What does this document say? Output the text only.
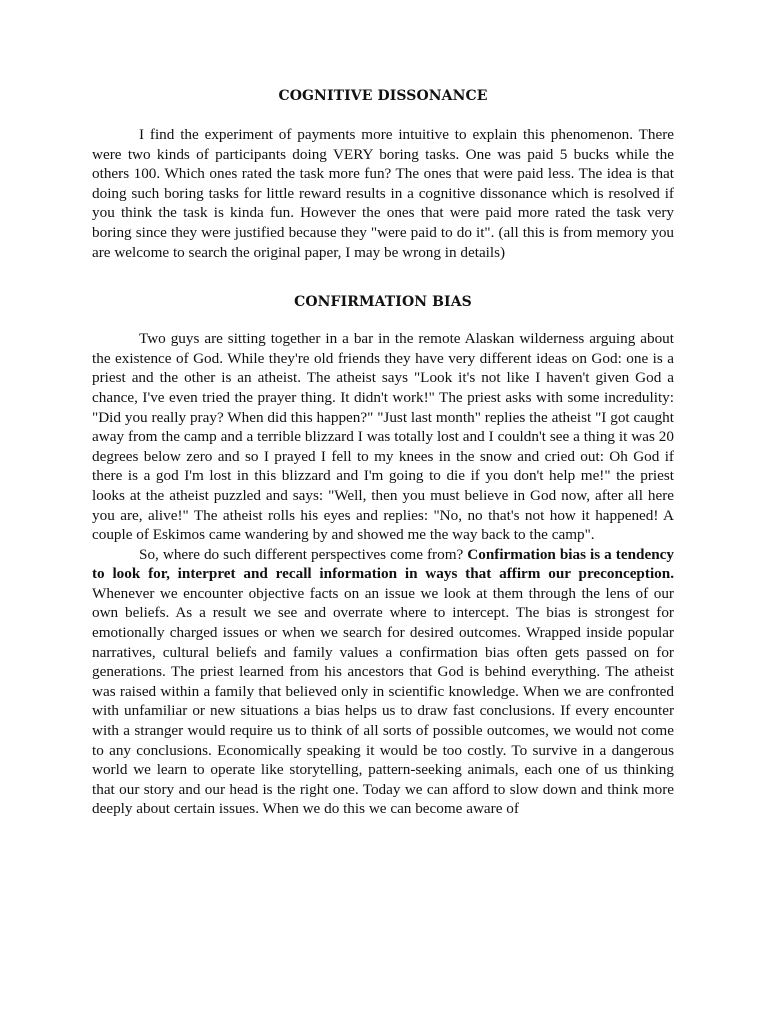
COGNITIVE DISSONANCE

I find the experiment of payments more intuitive to explain this phenomenon. There were two kinds of participants doing VERY boring tasks. One was paid 5 bucks while the others 100. Which ones rated the task more fun? The ones that were paid less. The idea is that doing such boring tasks for little reward results in a cognitive dissonance which is resolved if you think the task is kinda fun. However the ones that were paid more rated the task very boring since they were justified because they "were paid to do it". (all this is from memory you are welcome to search the original paper, I may be wrong in details)

CONFIRMATION BIAS

Two guys are sitting together in a bar in the remote Alaskan wilderness arguing about the existence of God. While they're old friends they have very different ideas on God: one is a priest and the other is an atheist. The atheist says "Look it's not like I haven't given God a chance, I've even tried the prayer thing. It didn't work!" The priest asks with some incredulity: "Did you really pray? When did this happen?" "Just last month" replies the atheist "I got caught away from the camp and a terrible blizzard I was totally lost and I couldn't see a thing it was 20 degrees below zero and so I prayed I fell to my knees in the snow and cried out: Oh God if there is a god I'm lost in this blizzard and I'm going to die if you don't help me!" the priest looks at the atheist puzzled and says: "Well, then you must believe in God now, after all here you are, alive!" The atheist rolls his eyes and replies: "No, no that's not how it happened! A couple of Eskimos came wandering by and showed me the way back to the camp".

So, where do such different perspectives come from? Confirmation bias is a tendency to look for, interpret and recall information in ways that affirm our preconception. Whenever we encounter objective facts on an issue we look at them through the lens of our own beliefs. As a result we see and overrate where to intercept. The bias is strongest for emotionally charged issues or when we search for desired outcomes. Wrapped inside popular narratives, cultural beliefs and family values a confirmation bias often gets passed on for generations. The priest learned from his ancestors that God is behind everything. The atheist was raised within a family that believed only in scientific knowledge. When we are confronted with unfamiliar or new situations a bias helps us to draw fast conclusions. If every encounter with a stranger would require us to think of all sorts of possible outcomes, we would not come to any conclusions. Economically speaking it would be too costly. To survive in a dangerous world we learn to operate like storytelling, pattern-seeking animals, each one of us thinking that our story and our head is the right one. Today we can afford to slow down and think more deeply about certain issues. When we do this we can become aware of
